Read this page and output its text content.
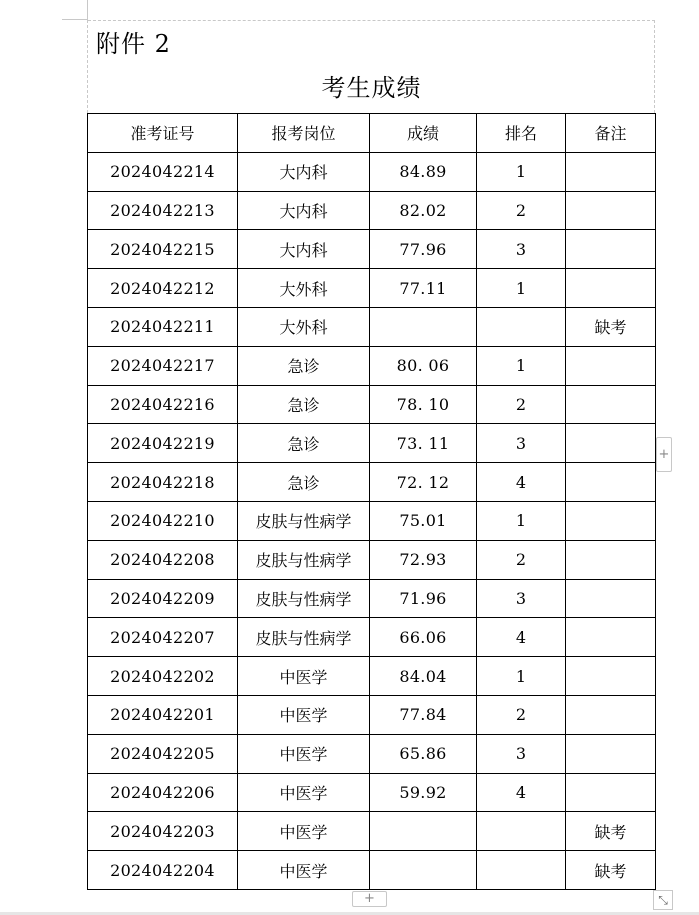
附件 2
考生成绩
准考证号	报考岗位	成绩	排名	备注
2024042214	大内科	84.89	1	
2024042213	大内科	82.02	2	
2024042215	大内科	77.96	3	
2024042212	大外科	77.11	1	
2024042211	大外科			缺考
2024042217	急诊	80. 06	1	
2024042216	急诊	78. 10	2	
2024042219	急诊	73. 11	3	
2024042218	急诊	72. 12	4	
2024042210	皮肤与性病学	75.01	1	
2024042208	皮肤与性病学	72.93	2	
2024042209	皮肤与性病学	71.96	3	
2024042207	皮肤与性病学	66.06	4	
2024042202	中医学	84.04	1	
2024042201	中医学	77.84	2	
2024042205	中医学	65.86	3	
2024042206	中医学	59.92	4	
2024042203	中医学			缺考
2024042204	中医学			缺考
+
+	⤡
